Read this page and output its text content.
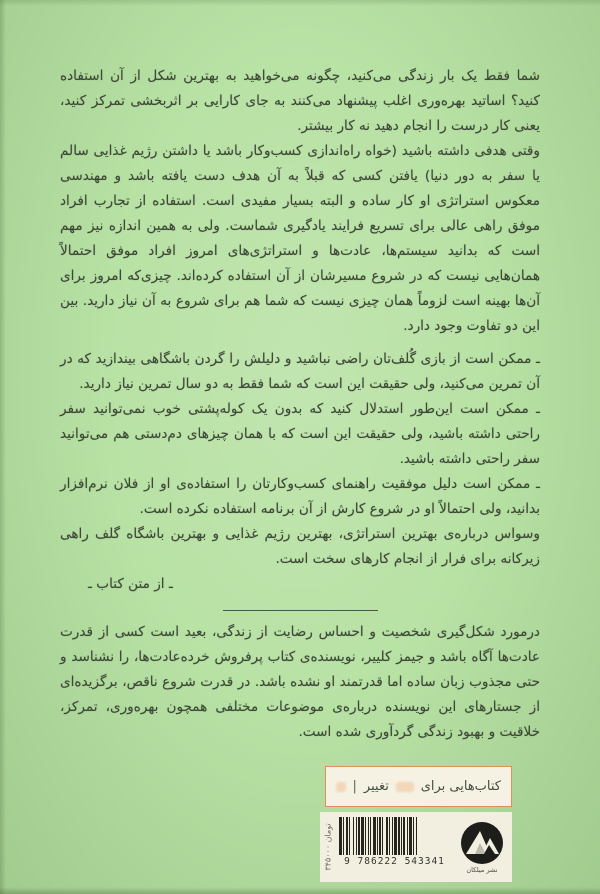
شما فقط یک بار زندگی می‌کنید، چگونه می‌خواهید به بهترین شکل از آن استفاده کنید؟ اساتید بهره‌وری اغلب پیشنهاد می‌کنند به جای کارایی بر اثربخشی تمرکز کنید، یعنی کار درست را انجام دهید نه کار بیشتر.

وقتی هدفی داشته باشید (خواه راه‌اندازی کسب‌وکار باشد یا داشتن رژیم غذایی سالم یا سفر به دور دنیا) یافتن کسی که قبلاً به آن هدف دست یافته باشد و مهندسی معکوس استراتژی او کار ساده و البته بسیار مفیدی است. استفاده از تجارب افراد موفق راهی عالی برای تسریع فرایند یادگیری شماست. ولی به همین اندازه نیز مهم است که بدانید سیستم‌ها، عادت‌ها و استراتژی‌های امروز افراد موفق احتمالاً همان‌هایی نیست که در شروع مسیرشان از آن استفاده کرده‌اند. چیزی‌که امروز برای آن‌ها بهینه است لزوماً همان چیزی نیست که شما هم برای شروع به آن نیاز دارید. بین این دو تفاوت وجود دارد.

ـ ممکن است از بازی گُلف‌تان راضی نباشید و دلیلش را گردن باشگاهی بیندازید که در آن تمرین می‌کنید، ولی حقیقت این است که شما فقط به دو سال تمرین نیاز دارید.

ـ ممکن است این‌طور استدلال کنید که بدون یک کوله‌پشتی خوب نمی‌توانید سفر راحتی داشته باشید، ولی حقیقت این است که با همان چیزهای دم‌دستی هم می‌توانید سفر راحتی داشته باشید.

ـ ممکن است دلیل موفقیت راهنمای کسب‌وکارتان را استفاده‌ی او از فلان نرم‌افزار بدانید، ولی احتمالاً او در شروع کارش از آن برنامه استفاده نکرده است.

وسواس درباره‌ی بهترین استراتژی، بهترین رژیم غذایی و بهترین باشگاه گلف راهی زیرکانه برای فرار از انجام کارهای سخت است.

ـ از متن کتاب ـ

درمورد شکل‌گیری شخصیت و احساس رضایت از زندگی، بعید است کسی از قدرت عادت‌ها آگاه باشد و جیمز کلییر، نویسنده‌ی کتاب پرفروش خرده‌عادت‌ها، را نشناسد و حتی مجذوب زبان ساده اما قدرتمند او نشده باشد. در قدرت شروع ناقص، برگزیده‌ای از جستارهای این نویسنده درباره‌ی موضوعات مختلفی همچون بهره‌وری، تمرکز، خلاقیت و بهبود زندگی گردآوری شده است.

کتاب‌هایی برای
تغییر
|
۳۴۵۰۰۰ تومان
9 786222 543341
نشر میلکان
